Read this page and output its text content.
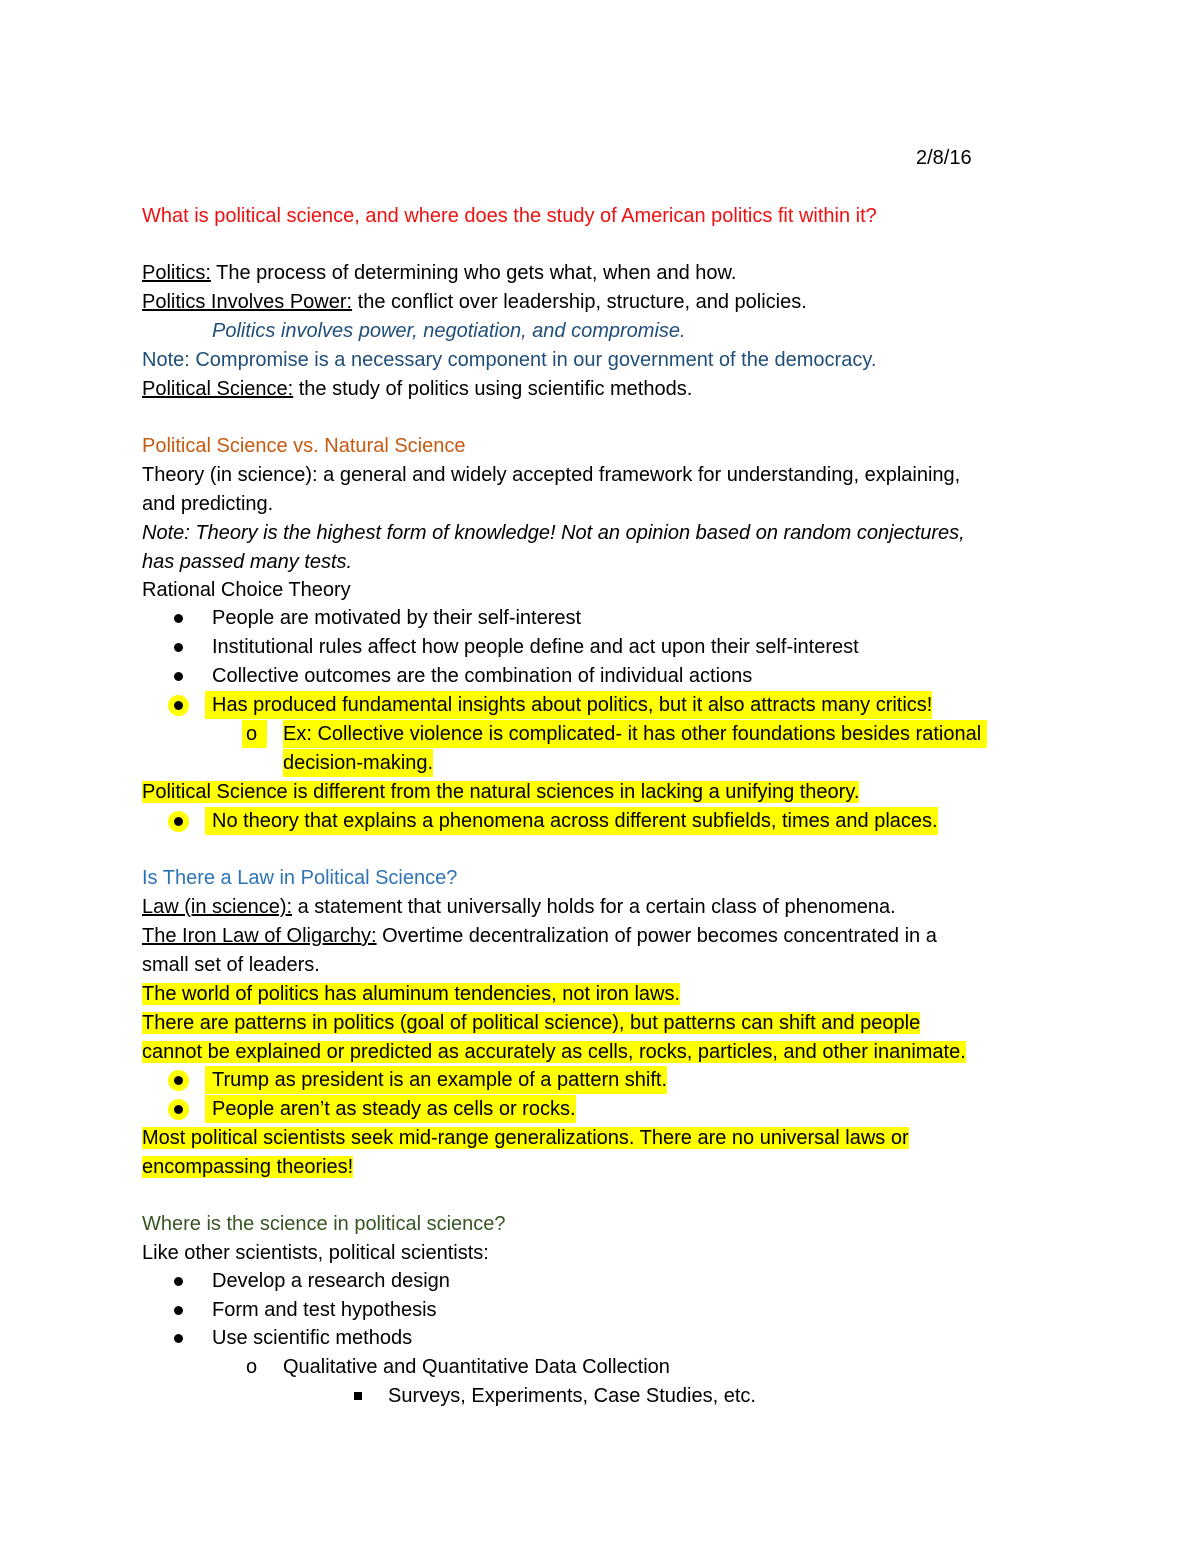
2/8/16
What is political science, and where does the study of American politics fit within it?
Politics: The process of determining who gets what, when and how.
Politics Involves Power: the conflict over leadership, structure, and policies.
Politics involves power, negotiation, and compromise.
Note: Compromise is a necessary component in our government of the democracy.
Political Science: the study of politics using scientific methods.
Political Science vs. Natural Science
Theory (in science): a general and widely accepted framework for understanding, explaining,
and predicting.
Note: Theory is the highest form of knowledge! Not an opinion based on random conjectures,
has passed many tests.
Rational Choice Theory
People are motivated by their self-interest
Institutional rules affect how people define and act upon their self-interest
Collective outcomes are the combination of individual actions
Has produced fundamental insights about politics, but it also attracts many critics!
o	Ex: Collective violence is complicated- it has other foundations besides rational
decision-making.
Political Science is different from the natural sciences in lacking a unifying theory.
No theory that explains a phenomena across different subfields, times and places.
Is There a Law in Political Science?
Law (in science): a statement that universally holds for a certain class of phenomena.
The Iron Law of Oligarchy: Overtime decentralization of power becomes concentrated in a
small set of leaders.
The world of politics has aluminum tendencies, not iron laws.
There are patterns in politics (goal of political science), but patterns can shift and people
cannot be explained or predicted as accurately as cells, rocks, particles, and other inanimate.
Trump as president is an example of a pattern shift.
People aren’t as steady as cells or rocks.
Most political scientists seek mid-range generalizations. There are no universal laws or
encompassing theories!
Where is the science in political science?
Like other scientists, political scientists:
Develop a research design
Form and test hypothesis
Use scientific methods
o Qualitative and Quantitative Data Collection
Surveys, Experiments, Case Studies, etc.
